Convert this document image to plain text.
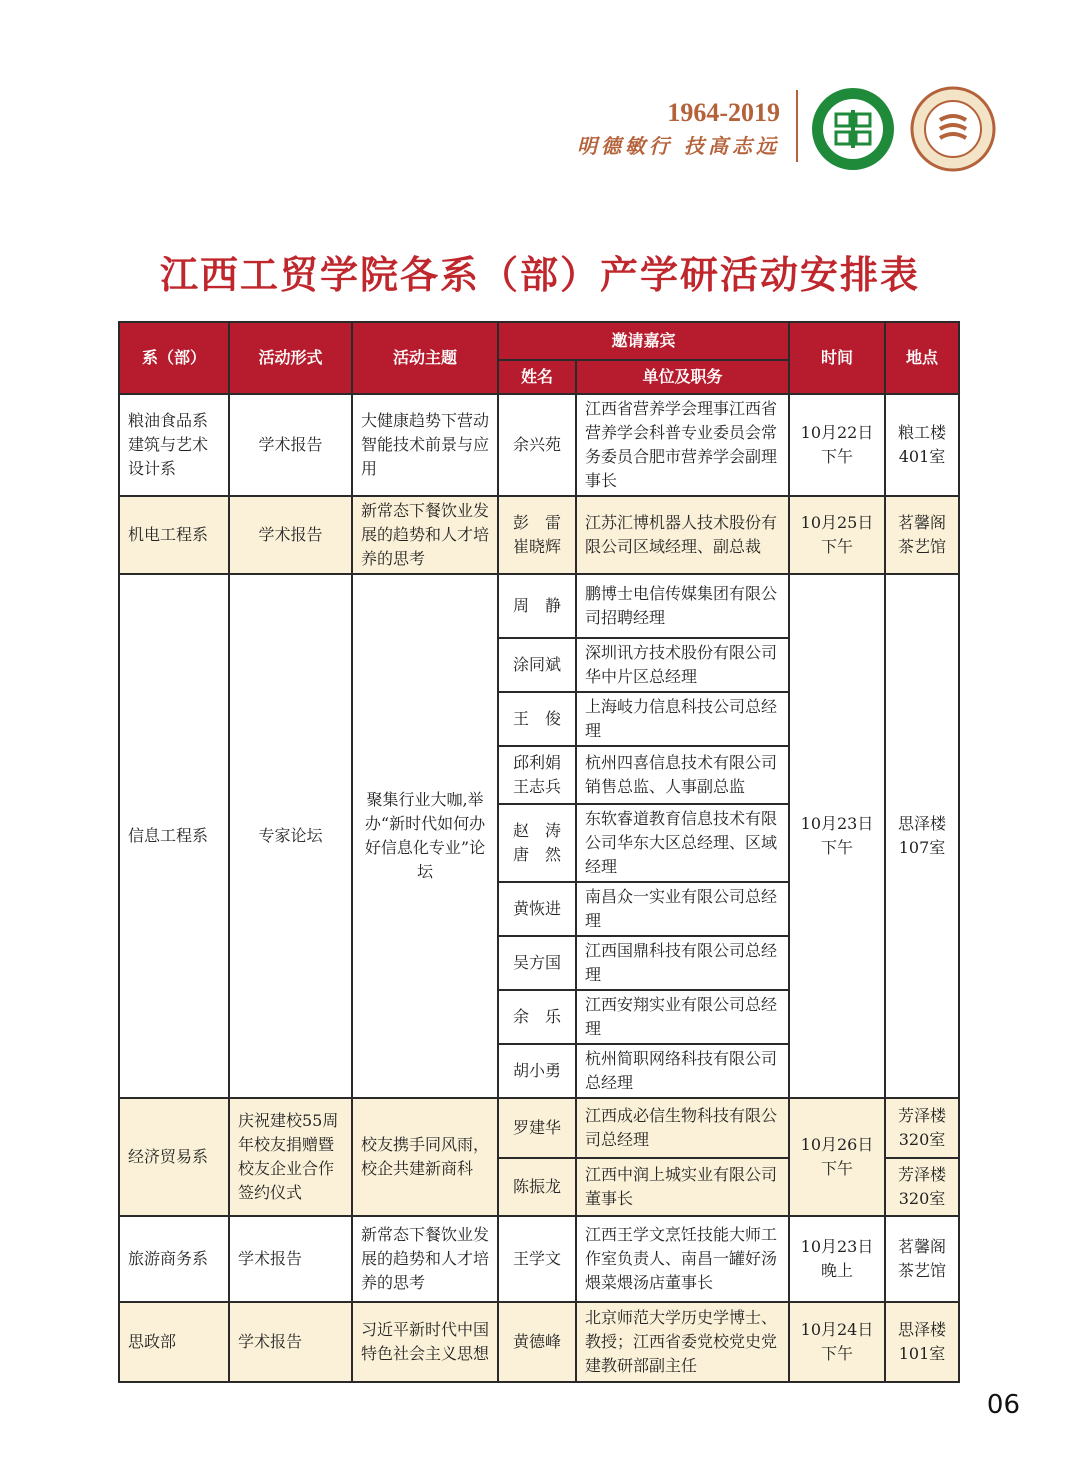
1964-2019
明德敏行 技高志远
江西工贸学院各系（部）产学研活动安排表
系（部）	活动形式	活动主题	邀请嘉宾		时间	地点
			姓名	单位及职务		
粮油食品系建筑与艺术设计系	学术报告	大健康趋势下营动智能技术前景与应用	余兴苑	江西省营养学会理事江西省营养学会科普专业委员会常务委员合肥市营养学会副理事长	10月22日下午	粮工楼401室
机电工程系	学术报告	新常态下餐饮业发展的趋势和人才培养的思考	彭　雷 崔晓辉	江苏汇博机器人技术股份有限公司区域经理、副总裁	10月25日下午	茗馨阁茶艺馆
信息工程系	专家论坛	聚集行业大咖,举办“新时代如何办好信息化专业”论坛	周　静	鹏博士电信传媒集团有限公司招聘经理	10月23日下午	思泽楼107室
			涂同斌	深圳讯方技术股份有限公司华中片区总经理		
			王　俊	上海岐力信息科技公司总经理		
			邱利娟 王志兵	杭州四喜信息技术有限公司销售总监、人事副总监		
			赵　涛 唐　然	东软睿道教育信息技术有限公司华东大区总经理、区域经理		
			黄恢进	南昌众一实业有限公司总经理		
			吴方国	江西国鼎科技有限公司总经理		
			余　乐	江西安翔实业有限公司总经理		
			胡小勇	杭州简职网络科技有限公司 总经理		
经济贸易系	庆祝建校55周年校友捐赠暨校友企业合作签约仪式	校友携手同风雨，校企共建新商科	罗建华	江西成必信生物科技有限公司总经理	10月26日下午	芳泽楼320室
			陈振龙	江西中润上城实业有限公司董事长		芳泽楼320室
旅游商务系	学术报告	新常态下餐饮业发展的趋势和人才培养的思考	王学文	江西王学文烹饪技能大师工作室负责人、南昌一罐好汤煨菜煨汤店董事长	10月23日晚上	茗馨阁茶艺馆
思政部	学术报告	习近平新时代中国特色社会主义思想	黄德峰	北京师范大学历史学博士、教授；江西省委党校党史党建教研部副主任	10月24日下午	思泽楼101室
06
